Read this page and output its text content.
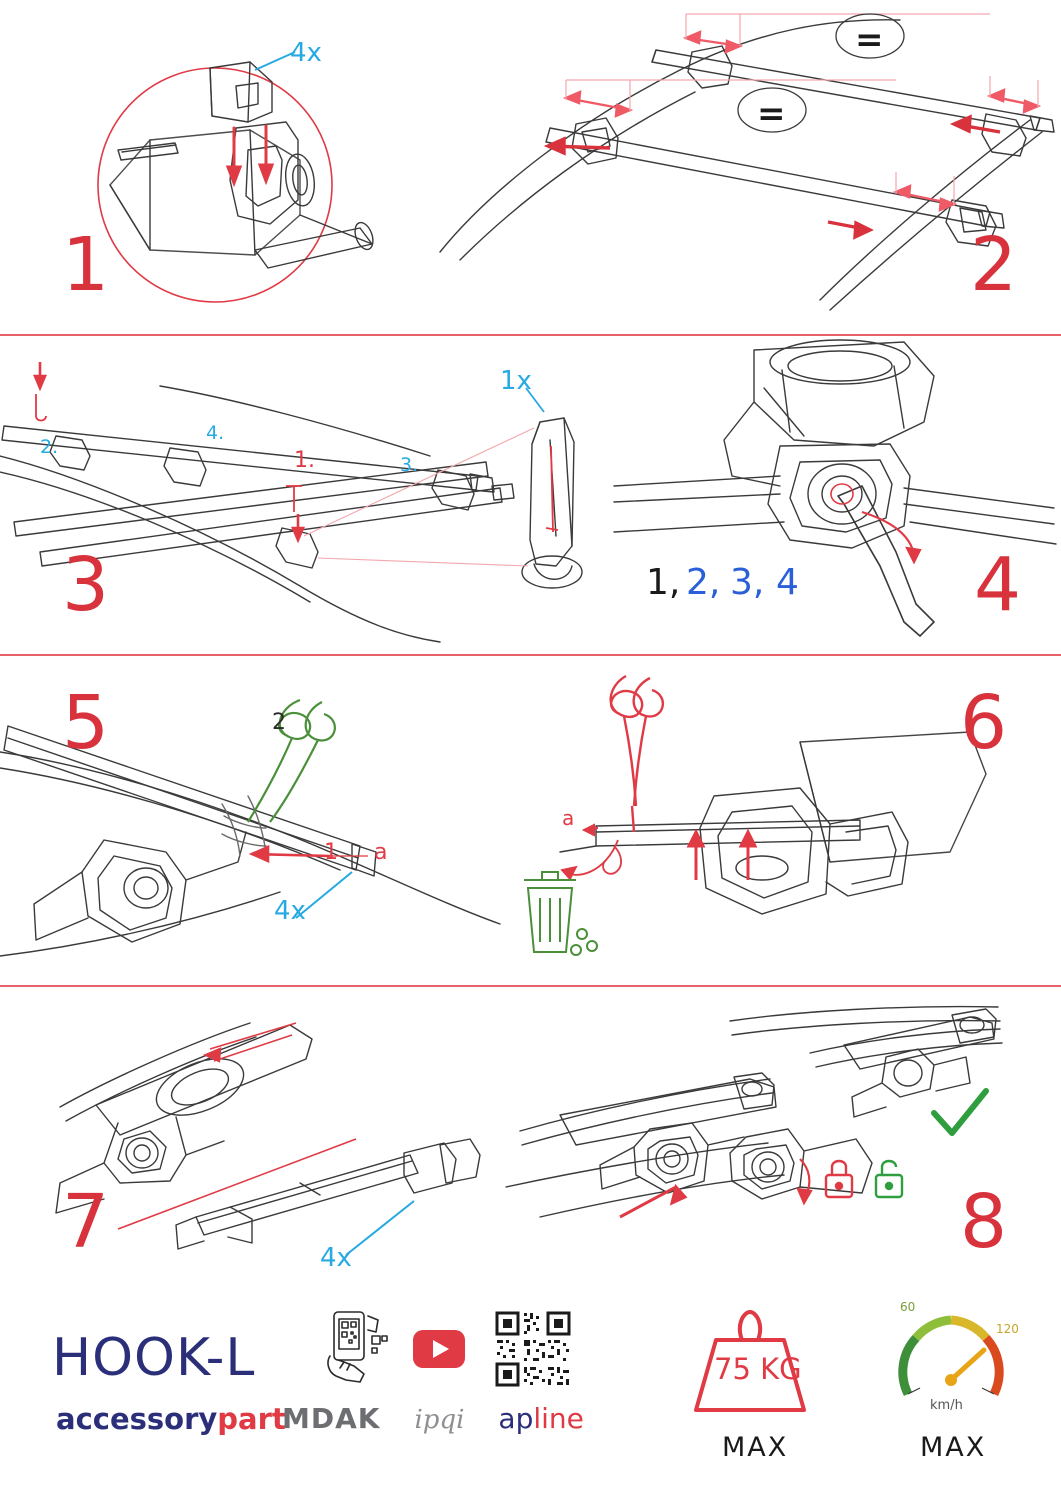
4x
1
=
=
2
1x
1.
2.
3.
4.
3	1, 2, 3, 4 4
5
1
2
a
4x
a
6
7	4x	8
HOOK-L
accessorypart
MDAK ipqi apline
75 KG
MAX
60
120
km/h
MAX
